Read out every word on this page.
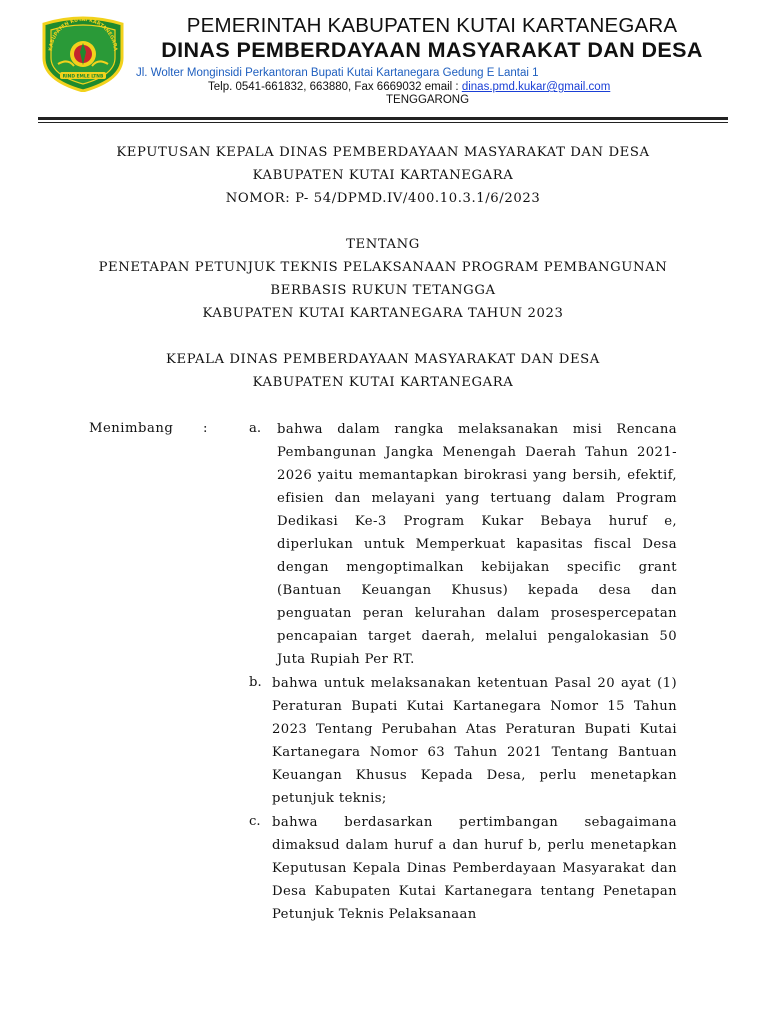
KABUPATEN KUTAI KARTANEGARA
RIND EMLE LTNB
PEMERINTAH KABUPATEN KUTAI KARTANEGARA
DINAS PEMBERDAYAAN MASYARAKAT DAN DESA
Jl. Wolter Monginsidi Perkantoran Bupati Kutai Kartanegara Gedung E Lantai 1
Telp. 0541-661832, 663880, Fax 6669032 email : dinas.pmd.kukar@gmail.com
TENGGARONG
KEPUTUSAN KEPALA DINAS PEMBERDAYAAN MASYARAKAT DAN DESA
KABUPATEN KUTAI KARTANEGARA
NOMOR: P- 54/DPMD.IV/400.10.3.1/6/2023
TENTANG
PENETAPAN PETUNJUK TEKNIS PELAKSANAAN PROGRAM PEMBANGUNAN
BERBASIS RUKUN TETANGGA
KABUPATEN KUTAI KARTANEGARA TAHUN 2023
KEPALA DINAS PEMBERDAYAAN MASYARAKAT DAN DESA
KABUPATEN KUTAI KARTANEGARA
Menimbang :	a. bahwa dalam rangka melaksanakan misi Rencana Pembangunan Jangka Menengah Daerah Tahun 2021-2026 yaitu memantapkan birokrasi yang bersih, efektif, efisien dan melayani yang tertuang dalam Program Dedikasi Ke-3 Program Kukar Bebaya huruf e, diperlukan untuk Memperkuat kapasitas fiscal Desa dengan mengoptimalkan kebijakan specific grant (Bantuan Keuangan Khusus) kepada desa dan penguatan peran kelurahan dalam prosespercepatan pencapaian target daerah, melalui pengalokasian 50 Juta Rupiah Per RT.
b. bahwa untuk melaksanakan ketentuan Pasal 20 ayat (1) Peraturan Bupati Kutai Kartanegara Nomor 15 Tahun 2023 Tentang Perubahan Atas Peraturan Bupati Kutai Kartanegara Nomor 63 Tahun 2021 Tentang Bantuan Keuangan Khusus Kepada Desa, perlu menetapkan petunjuk teknis;
c. bahwa berdasarkan pertimbangan sebagaimana dimaksud dalam huruf a dan huruf b, perlu menetapkan Keputusan Kepala Dinas Pemberdayaan Masyarakat dan Desa Kabupaten Kutai Kartanegara tentang Penetapan Petunjuk Teknis Pelaksanaan
